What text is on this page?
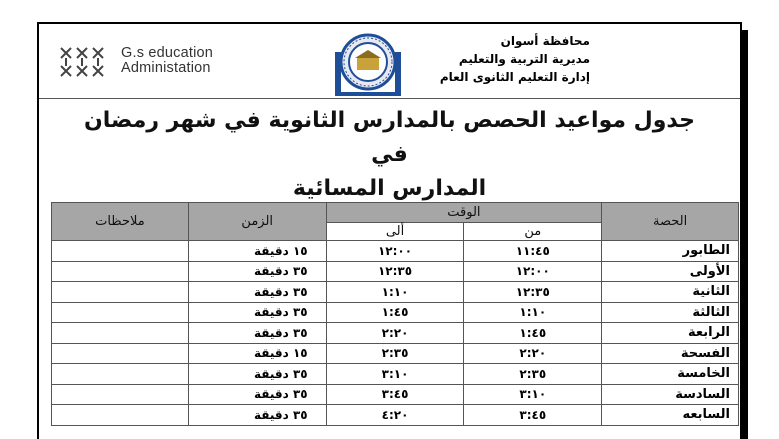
G.s education
Administation
محافظة أسوان
مديرية التربية والتعليم
إدارة التعليم الثانوى العام
جدول مواعيد الحصص بالمدارس الثانوية في شهر رمضان في
المدارس المسائية
الحصة	الوقت		الزمن	ملاحظات
	من	ألى		
الطابور	١١:٤٥	١٢:٠٠	١٥ دقيقة	
الأولى	١٢:٠٠	١٢:٣٥	٣٥ دقيقة	
الثانية	١٢:٣٥	١:١٠	٣٥ دقيقة	
الثالثة	١:١٠	١:٤٥	٣٥ دقيقة	
الرابعة	١:٤٥	٢:٢٠	٣٥ دقيقة	
الفسحة	٢:٢٠	٢:٣٥	١٥ دقيقة	
الخامسة	٢:٣٥	٣:١٠	٣٥ دقيقة	
السادسة	٣:١٠	٣:٤٥	٣٥ دقيقة	
السابعه	٣:٤٥	٤:٢٠	٣٥ دقيقة	
